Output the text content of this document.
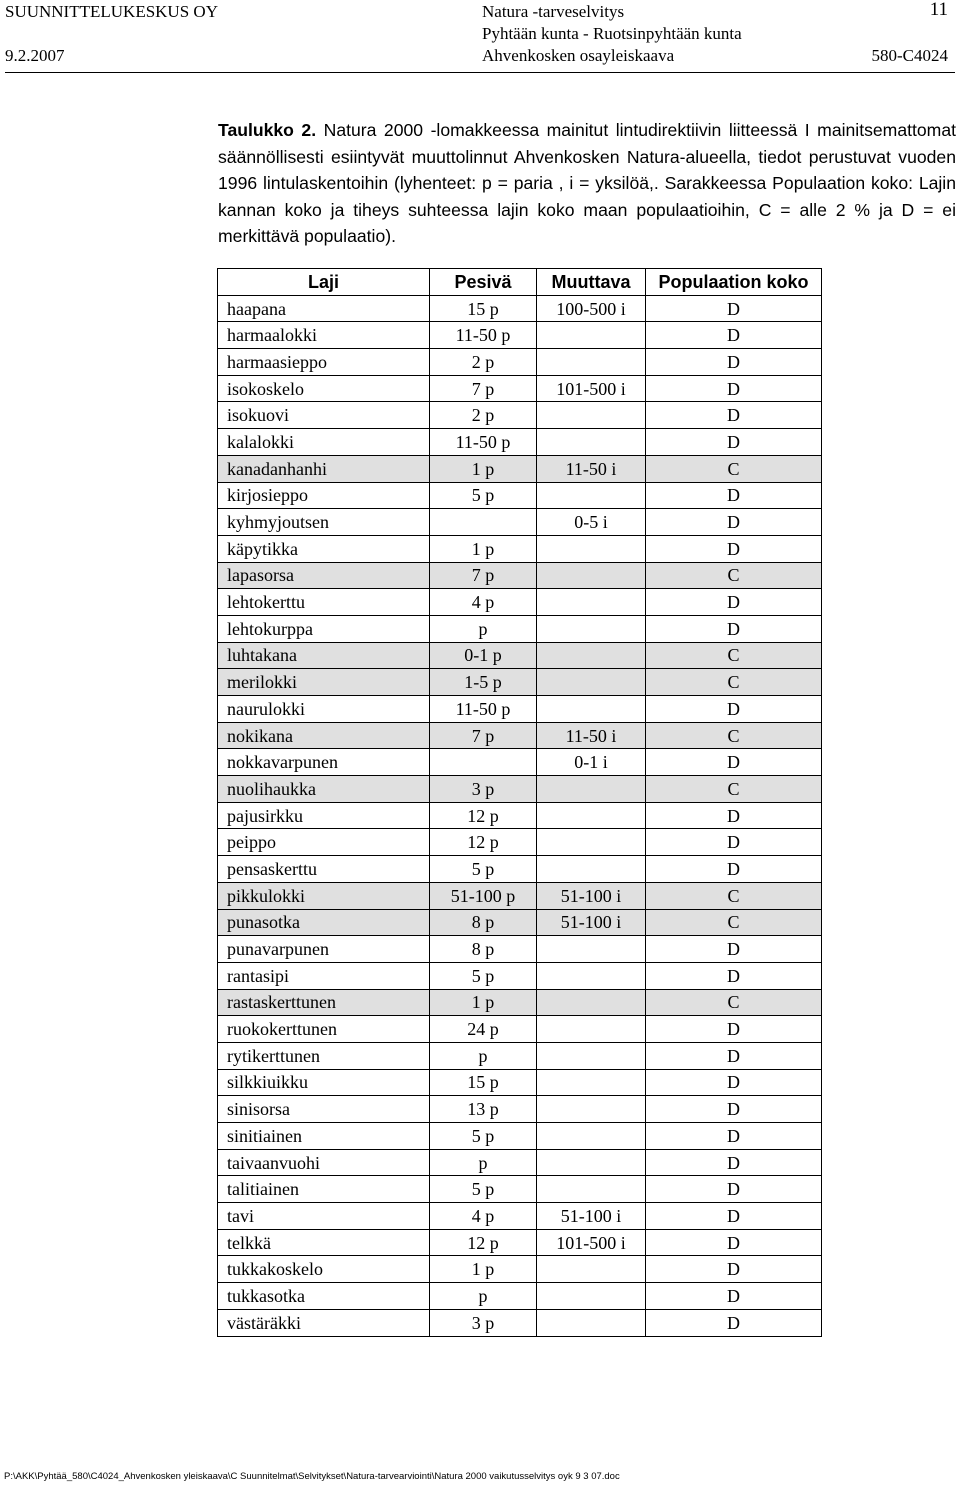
SUUNNITTELUKESKUS OY
9.2.2007
Natura -tarveselvitys
Pyhtään kunta - Ruotsinpyhtään kunta
Ahvenkosken osayleiskaava
11
580-C4024
Taulukko 2. Natura 2000 -lomakkeessa mainitut lintudirektiivin liitteessä I mainitsemattomat säännöllisesti esiintyvät muuttolinnut Ahvenkosken Natura-alueella, tiedot perustuvat vuoden 1996 lintulaskentoihin (lyhenteet: p = paria , i = yksilöä,. Sarakkeessa Populaation koko: Lajin kannan koko ja tiheys suhteessa lajin koko maan populaatioihin, C = alle 2 % ja D = ei merkittävä populaatio).
Laji	Pesivä	Muuttava	Populaation koko
haapana	15 p	100-500 i	D
harmaalokki	11-50 p		D
harmaasieppo	2 p		D
isokoskelo	7 p	101-500 i	D
isokuovi	2 p		D
kalalokki	11-50 p		D
kanadanhanhi	1 p	11-50 i	C
kirjosieppo	5 p		D
kyhmyjoutsen		0-5 i	D
käpytikka	1 p		D
lapasorsa	7 p		C
lehtokerttu	4 p		D
lehtokurppa	p		D
luhtakana	0-1 p		C
merilokki	1-5 p		C
naurulokki	11-50 p		D
nokikana	7 p	11-50 i	C
nokkavarpunen		0-1 i	D
nuolihaukka	3 p		C
pajusirkku	12 p		D
peippo	12 p		D
pensaskerttu	5 p		D
pikkulokki	51-100 p	51-100 i	C
punasotka	8 p	51-100 i	C
punavarpunen	8 p		D
rantasipi	5 p		D
rastaskerttunen	1 p		C
ruokokerttunen	24 p		D
rytikerttunen	p		D
silkkiuikku	15 p		D
sinisorsa	13 p		D
sinitiainen	5 p		D
taivaanvuohi	p		D
talitiainen	5 p		D
tavi	4 p	51-100 i	D
telkkä	12 p	101-500 i	D
tukkakoskelo	1 p		D
tukkasotka	p		D
västäräkki	3 p		D
P:\AKK\Pyhtää_580\C4024_Ahvenkosken yleiskaava\C Suunnitelmat\Selvitykset\Natura-tarvearviointi\Natura 2000 vaikutusselvitys oyk 9 3 07.doc
